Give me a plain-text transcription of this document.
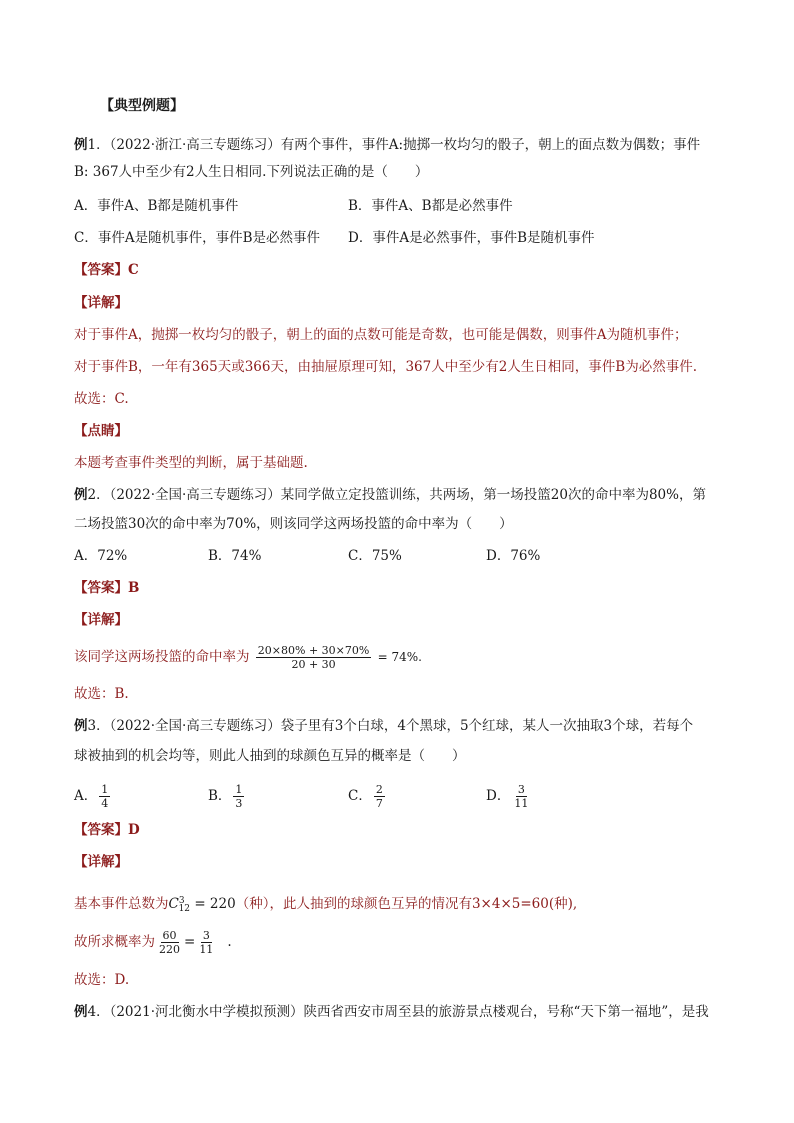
【典型例题】
例1．（2022·浙江·高三专题练习）有两个事件，事件A:抛掷一枚均匀的骰子，朝上的面点数为偶数；事件
B: 367人中至少有2人生日相同.下列说法正确的是（　　）
A．事件A、B都是随机事件	B．事件A、B都是必然事件
C．事件A是随机事件，事件B是必然事件 D．事件A是必然事件，事件B是随机事件
【答案】C
【详解】
对于事件A，抛掷一枚均匀的骰子，朝上的面的点数可能是奇数，也可能是偶数，则事件A为随机事件；
对于事件B，一年有365天或366天，由抽屉原理可知，367人中至少有2人生日相同，事件B为必然事件.
故选：C.
【点睛】
本题考查事件类型的判断，属于基础题.
例2．（2022·全国·高三专题练习）某同学做立定投篮训练，共两场，第一场投篮20次的命中率为80%，第
二场投篮30次的命中率为70%，则该同学这两场投篮的命中率为（　　）
A．72%	B．74%	C．75%	D．76%
【答案】B
【详解】
该同学这两场投篮的命中率为 $\frac{20\times 80\% + 30\times 70\%}{20 + 30} = 74\%$.
故选：B.
例3．（2022·全国·高三专题练习）袋子里有3个白球，4个黑球，5个红球，某人一次抽取3个球，若每个
球被抽到的机会均等，则此人抽到的球颜色互异的概率是（　　）
A． $\frac{1}{4}$	B． $\frac{1}{3}$	C． $\frac{2}{7}$	D． $\frac{3}{11}$
【答案】D
【详解】
基本事件总数为$C^3_{12} = 220$（种），此人抽到的球颜色互异的情况有3×4×5=60(种),
故所求概率为 $\frac{60}{220} = \frac{3}{11}$ .
故选：D.
例4．（2021·河北衡水中学模拟预测）陕西省西安市周至县的旅游景点楼观台，号称“天下第一福地”，是我
